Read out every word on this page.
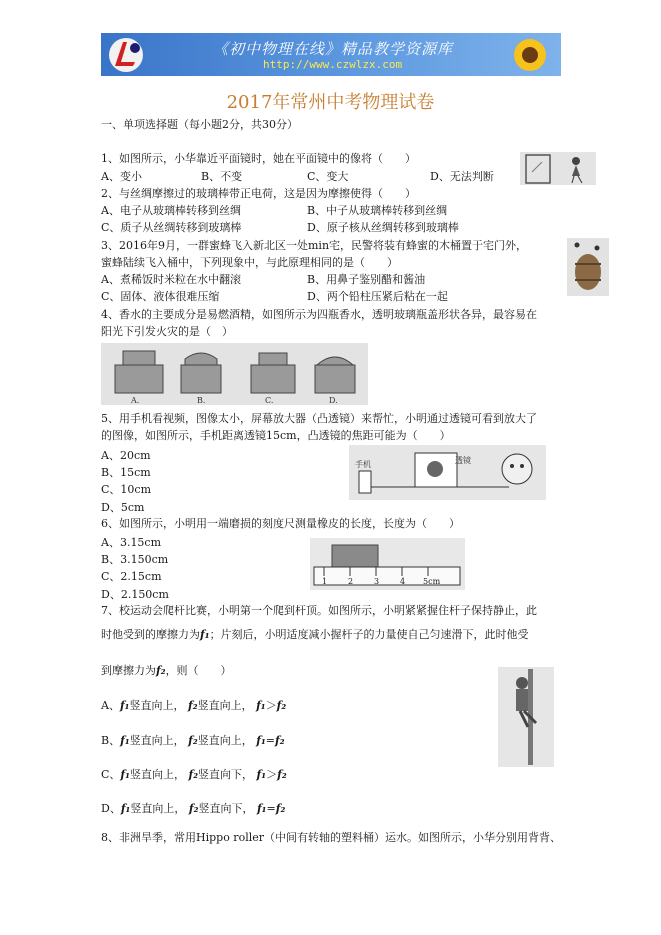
《初中物理在线》精品教学资源库
http://www.czwlzx.com
2017年常州中考物理试卷
一、单项选择题（每小题2分，共30分）
1、如图所示，小华靠近平面镜时，她在平面镜中的像将（　　）
A、变小	B、不变	C、变大	D、无法判断
2、与丝绸摩擦过的玻璃棒带正电荷，这是因为摩擦使得（　　）
A、电子从玻璃棒转移到丝绸	B、中子从玻璃棒转移到丝绸
C、质子从丝绸转移到玻璃棒	D、原子核从丝绸转移到玻璃棒
3、2016年9月，一群蜜蜂飞入新北区一处min宅，民警将装有蜂蜜的木桶置于宅门外，
蜜蜂陆续飞入桶中，下列现象中，与此原理相同的是（　　）
A、煮稀饭时米粒在水中翻滚	B、用鼻子鉴别醋和酱油
C、固体、液体很难压缩	D、两个铅柱压紧后粘在一起
4、香水的主要成分是易燃酒精，如图所示为四瓶香水，透明玻璃瓶盖形状各异，最容易在
阳光下引发火灾的是（　）
A.	B.	C.	D.
5、用手机看视频，图像太小，屏幕放大器（凸透镜）来帮忙，小明通过透镜可看到放大了
的图像，如图所示，手机距离透镜15cm，凸透镜的焦距可能为（　　）
A、20cm
B、15cm
C、10cm
D、5cm
手机	透镜
6、如图所示，小明用一端磨损的刻度尺测量橡皮的长度，长度为（　　）
A、3.15cm
B、3.150cm
C、2.15cm
D、2.150cm
1	2	3	4 5cm
7、校运动会爬杆比赛，小明第一个爬到杆顶。如图所示，小明紧紧握住杆子保持静止，此
时他受到的摩擦力为f₁；片刻后，小明适度减小握杆子的力量使自己匀速滑下，此时他受
到摩擦力为f₂，则（　　）
A、f₁竖直向上， f₂竖直向上， f₁＞f₂
B、f₁竖直向上， f₂竖直向上， f₁=f₂
C、f₁竖直向上， f₂竖直向下， f₁＞f₂
D、f₁竖直向上， f₂竖直向下， f₁=f₂
8、非洲旱季，常用Hippo roller（中间有转轴的塑料桶）运水。如图所示，小华分别用背背、
